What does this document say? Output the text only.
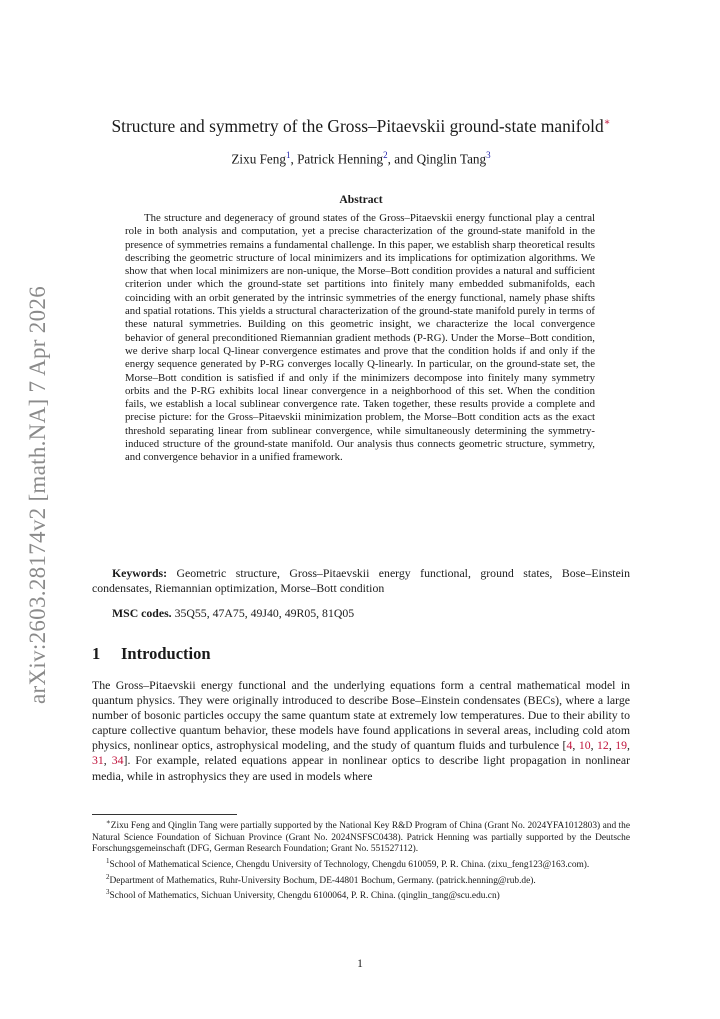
arXiv:2603.28174v2 [math.NA] 7 Apr 2026
Structure and symmetry of the Gross–Pitaevskii ground-state manifold∗
Zixu Feng$^1$, Patrick Henning$^2$, and Qinglin Tang$^3$
Abstract

The structure and degeneracy of ground states of the Gross–Pitaevskii energy functional play a central role in both analysis and computation, yet a precise characterization of the ground-state manifold in the presence of symmetries remains a fundamental challenge. In this paper, we establish sharp theoretical results describing the geometric structure of local minimizers and its implications for optimization algorithms. We show that when local minimizers are non-unique, the Morse–Bott condition provides a natural and sufficient criterion under which the ground-state set partitions into finitely many embedded submanifolds, each coinciding with an orbit generated by the intrinsic symmetries of the energy functional, namely phase shifts and spatial rotations. This yields a structural characterization of the ground-state manifold purely in terms of these natural symmetries. Building on this geometric insight, we characterize the local convergence behavior of general preconditioned Riemannian gradient methods (P-RG). Under the Morse–Bott condition, we derive sharp local Q-linear convergence estimates and prove that the condition holds if and only if the energy sequence generated by P-RG converges locally Q-linearly. In particular, on the ground-state set, the Morse–Bott condition is satisfied if and only if the minimizers decompose into finitely many symmetry orbits and the P-RG exhibits local linear convergence in a neighborhood of this set. When the condition fails, we establish a local sublinear convergence rate. Taken together, these results provide a complete and precise picture: for the Gross–Pitaevskii minimization problem, the Morse–Bott condition acts as the exact threshold separating linear from sublinear convergence, while simultaneously determining the symmetry-induced structure of the ground-state manifold. Our analysis thus connects geometric structure, symmetry, and convergence behavior in a unified framework.

Keywords: Geometric structure, Gross–Pitaevskii energy functional, ground states, Bose–Einstein condensates, Riemannian optimization, Morse–Bott condition

MSC codes. 35Q55, 47A75, 49J40, 49R05, 81Q05

1 Introduction

The Gross–Pitaevskii energy functional and the underlying equations form a central mathematical model in quantum physics. They were originally introduced to describe Bose–Einstein condensates (BECs), where a large number of bosonic particles occupy the same quantum state at extremely low temperatures. Due to their ability to capture collective quantum behavior, these models have found applications in several areas, including cold atom physics, nonlinear optics, astrophysical modeling, and the study of quantum fluids and turbulence [4, 10, 12, 19, 31, 34]. For example, related equations appear in nonlinear optics to describe light propagation in nonlinear media, while in astrophysics they are used in models where

∗Zixu Feng and Qinglin Tang were partially supported by the National Key R&D Program of China (Grant No. 2024YFA1012803) and the Natural Science Foundation of Sichuan Province (Grant No. 2024NSFSC0438). Patrick Henning was partially supported by the Deutsche Forschungsgemeinschaft (DFG, German Research Foundation; Grant No. 551527112).

$^1$School of Mathematical Science, Chengdu University of Technology, Chengdu 610059, P. R. China. (zixu_feng123@163.com).

$^2$Department of Mathematics, Ruhr-University Bochum, DE-44801 Bochum, Germany. (patrick.henning@rub.de).

$^3$School of Mathematics, Sichuan University, Chengdu 6100064, P. R. China. (qinglin_tang@scu.edu.cn)

1
